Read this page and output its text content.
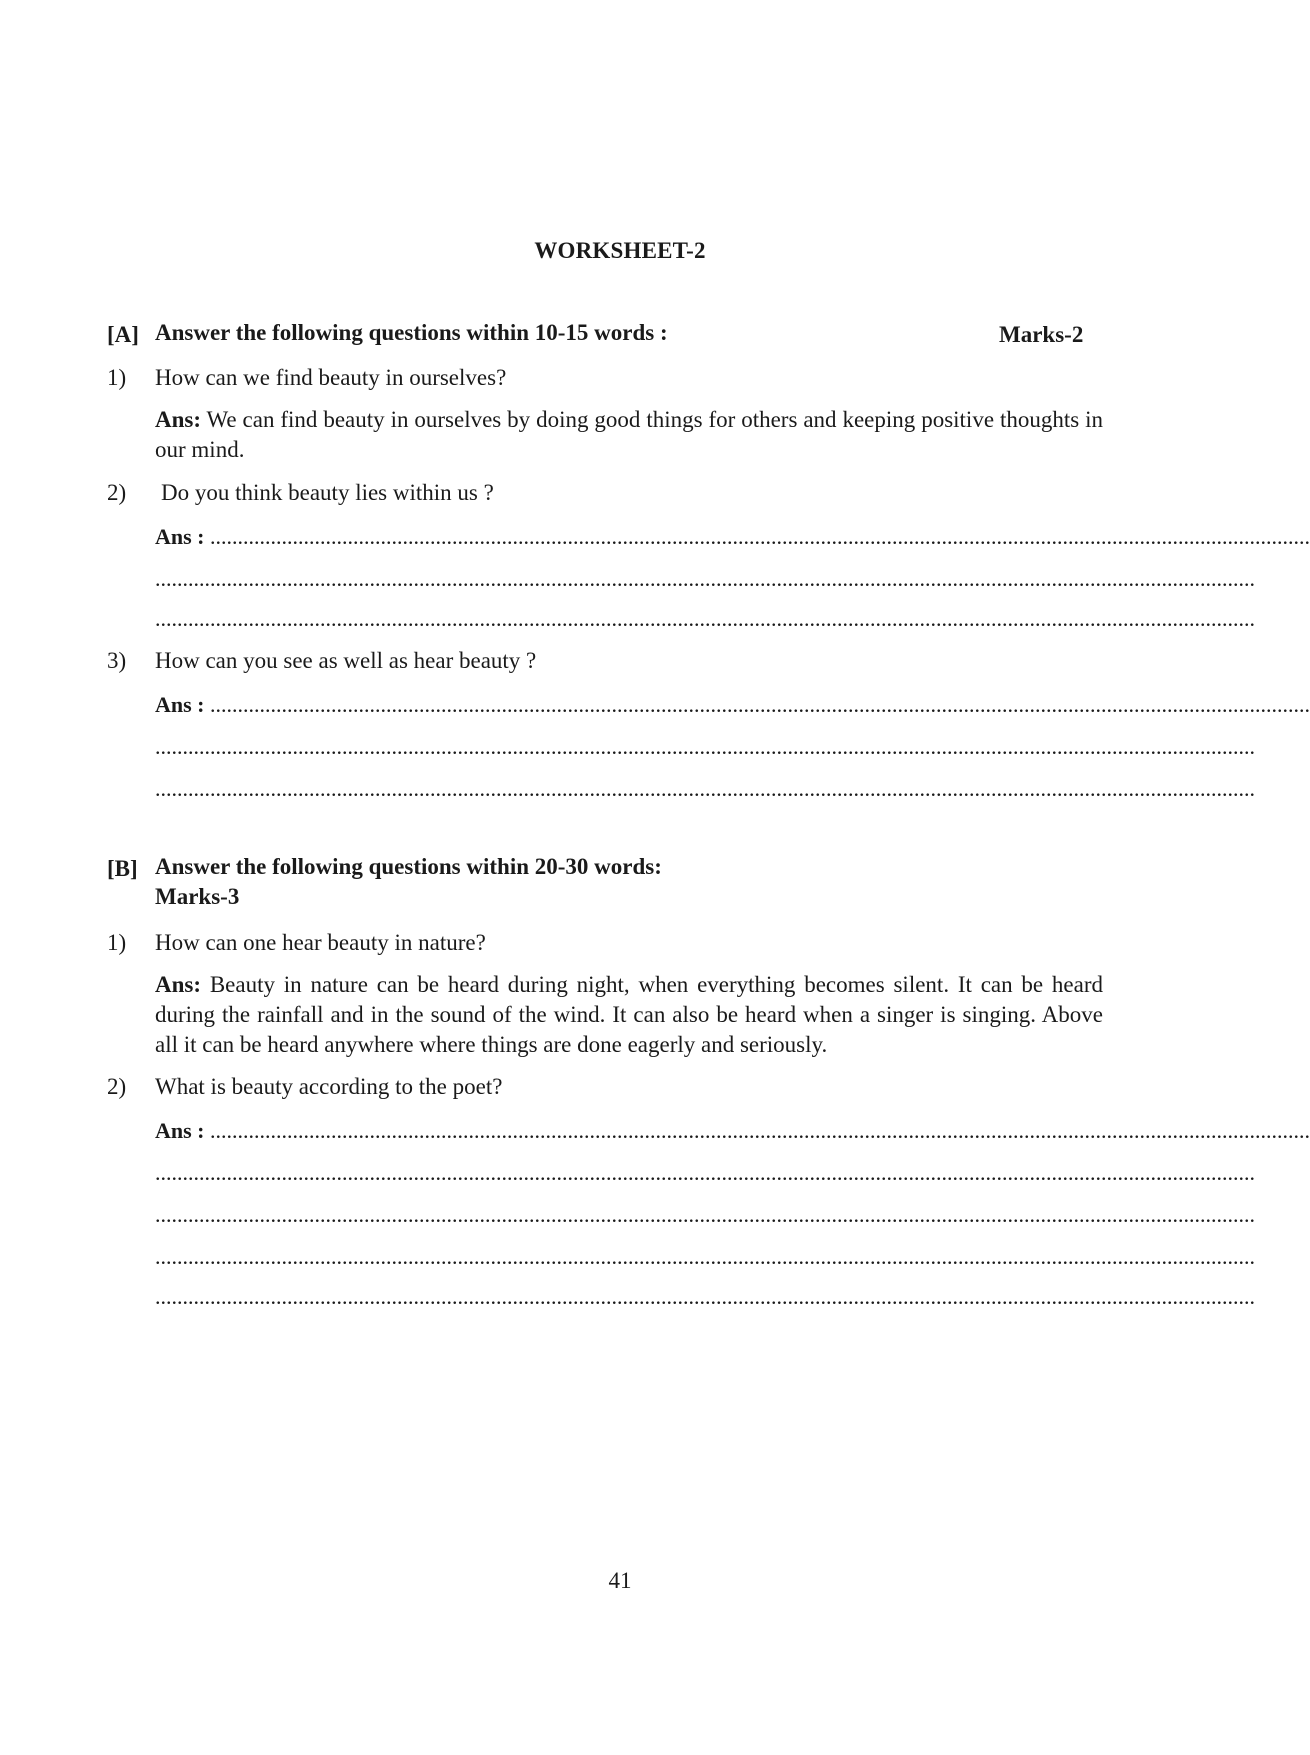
WORKSHEET-2
[A] Answer the following questions within 10-15 words :	Marks-2
1) How can we find beauty in ourselves?
Ans: We can find beauty in ourselves by doing good things for others and keeping positive thoughts in our mind.
2) Do you think beauty lies within us ?
Ans : ........................................................................................................................................................................................................
........................................................................................................................................................................................................
........................................................................................................................................................................................................
3) How can you see as well as hear beauty ?
Ans : ........................................................................................................................................................................................................
........................................................................................................................................................................................................
........................................................................................................................................................................................................
[B] Answer the following questions within 20-30 words:
Marks-3
1) How can one hear beauty in nature?
Ans: Beauty in nature can be heard during night, when everything becomes silent. It can be heard during the rainfall and in the sound of the wind. It can also be heard when a singer is singing. Above all it can be heard anywhere where things are done eagerly and seriously.
2) What is beauty according to the poet?
Ans : ........................................................................................................................................................................................................
........................................................................................................................................................................................................
........................................................................................................................................................................................................
........................................................................................................................................................................................................
........................................................................................................................................................................................................
41
